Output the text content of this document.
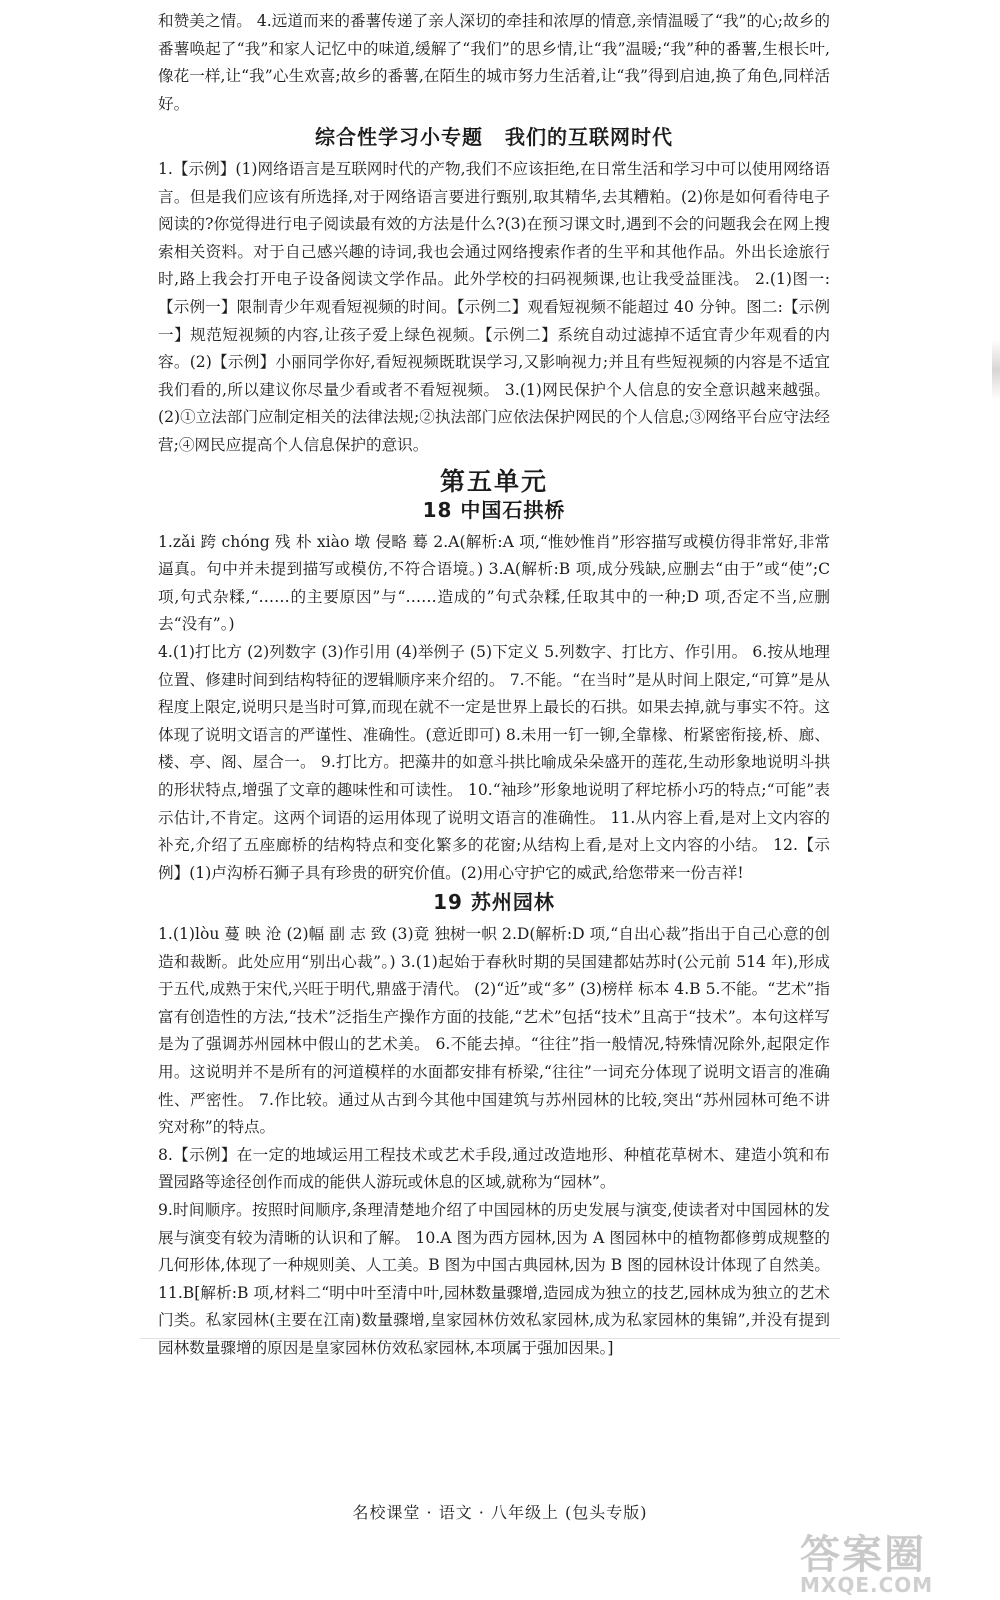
和赞美之情。 4.远道而来的番薯传递了亲人深切的牵挂和浓厚的情意,亲情温暖了“我”的心;故乡的番薯唤起了“我”和家人记忆中的味道,缓解了“我们”的思乡情,让“我”温暖;“我”种的番薯,生根长叶,像花一样,让“我”心生欢喜;故乡的番薯,在陌生的城市努力生活着,让“我”得到启迪,换了角色,同样活好。

综合性学习小专题 我们的互联网时代

1.【示例】(1)网络语言是互联网时代的产物,我们不应该拒绝,在日常生活和学习中可以使用网络语言。但是我们应该有所选择,对于网络语言要进行甄别,取其精华,去其糟粕。(2)你是如何看待电子阅读的?你觉得进行电子阅读最有效的方法是什么?(3)在预习课文时,遇到不会的问题我会在网上搜索相关资料。对于自己感兴趣的诗词,我也会通过网络搜索作者的生平和其他作品。外出长途旅行时,路上我会打开电子设备阅读文学作品。此外学校的扫码视频课,也让我受益匪浅。 2.(1)图一:【示例一】限制青少年观看短视频的时间。【示例二】观看短视频不能超过 40 分钟。图二:【示例一】规范短视频的内容,让孩子爱上绿色视频。【示例二】系统自动过滤掉不适宜青少年观看的内容。(2)【示例】小丽同学你好,看短视频既耽误学习,又影响视力;并且有些短视频的内容是不适宜我们看的,所以建议你尽量少看或者不看短视频。 3.(1)网民保护个人信息的安全意识越来越强。(2)①立法部门应制定相关的法律法规;②执法部门应依法保护网民的个人信息;③网络平台应守法经营;④网民应提高个人信息保护的意识。

第五单元
18 中国石拱桥

1.zǎi 跨 chóng 残 朴 xiào 墩 侵略 蓦 2.A(解析:A 项,“惟妙惟肖”形容描写或模仿得非常好,非常逼真。句中并未提到描写或模仿,不符合语境。) 3.A(解析:B 项,成分残缺,应删去“由于”或“使”;C 项,句式杂糅,“……的主要原因”与“……造成的”句式杂糅,任取其中的一种;D 项,否定不当,应删去“没有”。)

4.(1)打比方 (2)列数字 (3)作引用 (4)举例子 (5)下定义 5.列数字、打比方、作引用。 6.按从地理位置、修建时间到结构特征的逻辑顺序来介绍的。 7.不能。“在当时”是从时间上限定,“可算”是从程度上限定,说明只是当时可算,而现在就不一定是世界上最长的石拱。如果去掉,就与事实不符。这体现了说明文语言的严谨性、准确性。(意近即可) 8.未用一钉一铆,全靠椽、桁紧密衔接,桥、廊、楼、亭、阁、屋合一。 9.打比方。把藻井的如意斗拱比喻成朵朵盛开的莲花,生动形象地说明斗拱的形状特点,增强了文章的趣味性和可读性。 10.“袖珍”形象地说明了秤坨桥小巧的特点;“可能”表示估计,不肯定。这两个词语的运用体现了说明文语言的准确性。 11.从内容上看,是对上文内容的补充,介绍了五座廊桥的结构特点和变化繁多的花窗;从结构上看,是对上文内容的小结。 12.【示例】(1)卢沟桥石狮子具有珍贵的研究价值。(2)用心守护它的威武,给您带来一份吉祥!

19 苏州园林

1.(1)lòu 蔓 映 沧 (2)幅 副 志 致 (3)竟 独树一帜 2.D(解析:D 项,“自出心裁”指出于自己心意的创造和裁断。此处应用“别出心裁”。) 3.(1)起始于春秋时期的吴国建都姑苏时(公元前 514 年),形成于五代,成熟于宋代,兴旺于明代,鼎盛于清代。 (2)“近”或“多” (3)榜样 标本 4.B 5.不能。“艺术”指富有创造性的方法,“技术”泛指生产操作方面的技能,“艺术”包括“技术”且高于“技术”。本句这样写是为了强调苏州园林中假山的艺术美。 6.不能去掉。“往往”指一般情况,特殊情况除外,起限定作用。这说明并不是所有的河道模样的水面都安排有桥梁,“往往”一词充分体现了说明文语言的准确性、严密性。 7.作比较。通过从古到今其他中国建筑与苏州园林的比较,突出“苏州园林可绝不讲究对称”的特点。

8.【示例】在一定的地域运用工程技术或艺术手段,通过改造地形、种植花草树木、建造小筑和布置园路等途径创作而成的能供人游玩或休息的区域,就称为“园林”。

9.时间顺序。按照时间顺序,条理清楚地介绍了中国园林的历史发展与演变,使读者对中国园林的发展与演变有较为清晰的认识和了解。 10.A 图为西方园林,因为 A 图园林中的植物都修剪成规整的几何形体,体现了一种规则美、人工美。B 图为中国古典园林,因为 B 图的园林设计体现了自然美。 11.B[解析:B 项,材料二“明中叶至清中叶,园林数量骤增,造园成为独立的技艺,园林成为独立的艺术门类。私家园林(主要在江南)数量骤增,皇家园林仿效私家园林,成为私家园林的集锦”,并没有提到园林数量骤增的原因是皇家园林仿效私家园林,本项属于强加因果。]

名校课堂 · 语文 · 八年级上 (包头专版)
答案圈
MXQE.COM
